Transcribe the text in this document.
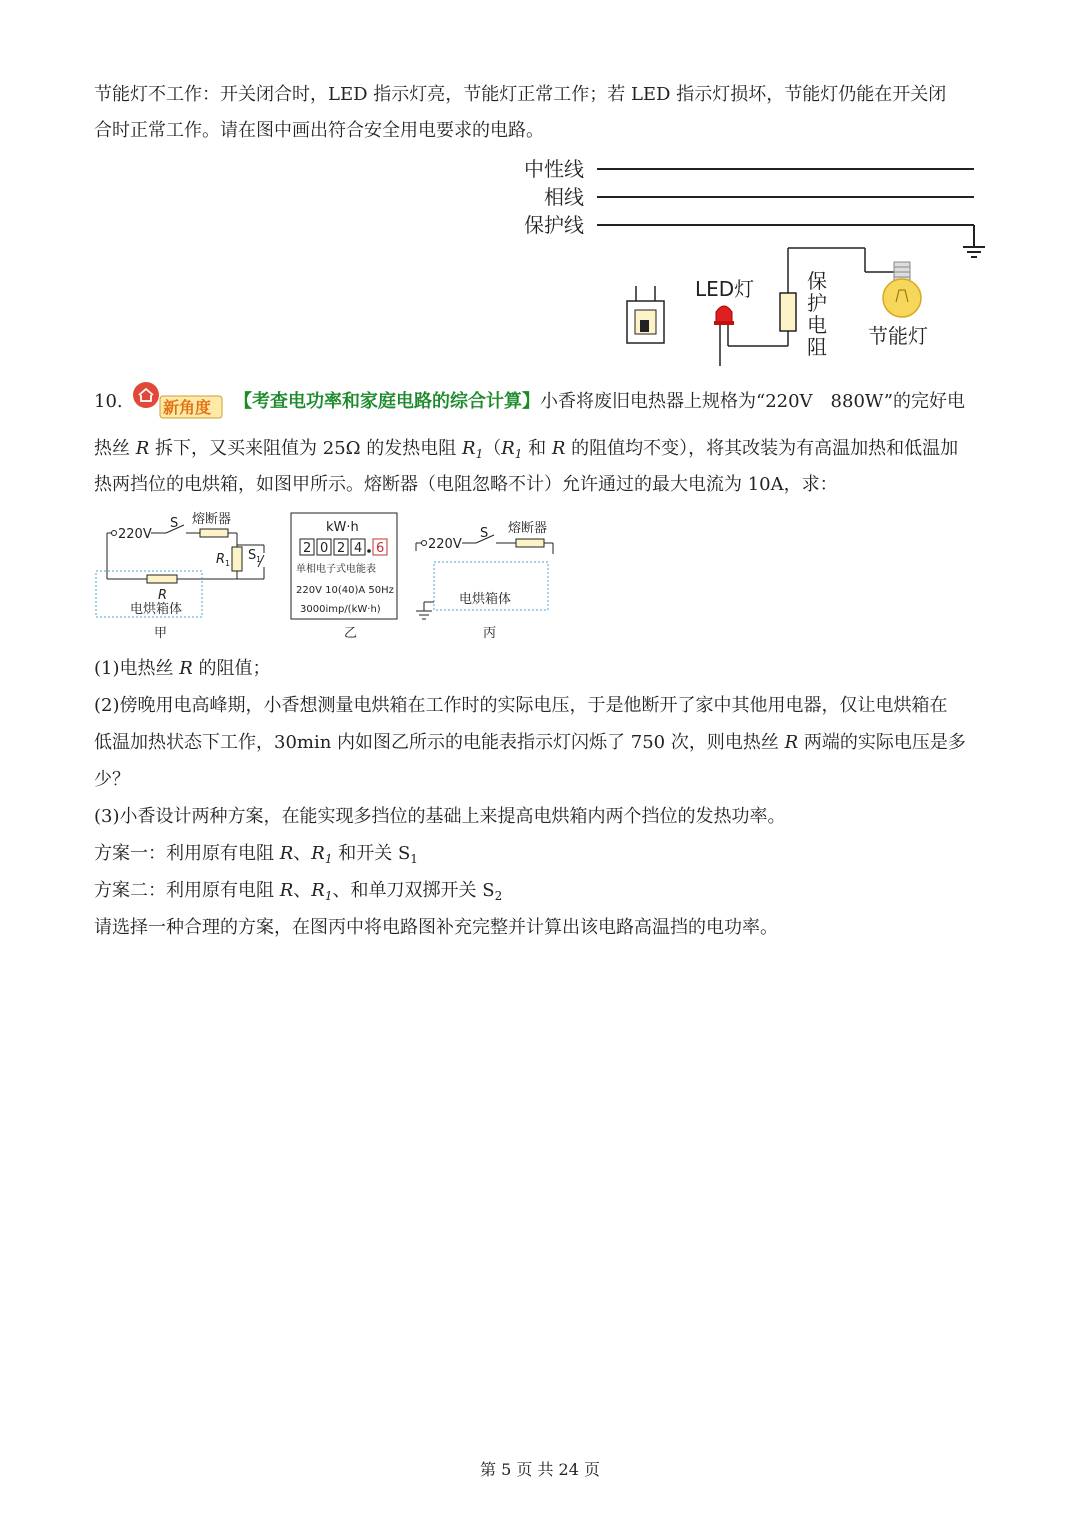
节能灯不工作：开关闭合时，LED 指示灯亮，节能灯正常工作；若 LED 指示灯损坏，节能灯仍能在开关闭
合时正常工作。请在图中画出符合安全用电要求的电路。
中性线
相线
保护线
LED灯	保
护
电
阻 节能灯
10.	新角度 【考查电功率和家庭电路的综合计算】小香将废旧电热器上规格为“220V　880W”的完好电
热丝 R 拆下，又买来阻值为 25Ω 的发热电阻 $R_1(R_1$ 和 R 的阻值均不变），将其改装为有高温加热和低温加
热两挡位的电烘箱，如图甲所示。熔断器（电阻忽略不计）允许通过的最大电流为 10A，求：
220V
S 熔断器
R 1
S 1
R
电烘箱体
甲
kW·h
2 0 2 4 6
单相电子式电能表
220V 10(40)A 50Hz
3000imp/(kW·h)
乙
220V
S 熔断器
电烘箱体
丙
(1)电热丝 R 的阻值；
(2)傍晚用电高峰期，小香想测量电烘箱在工作时的实际电压，于是他断开了家中其他用电器，仅让电烘箱在
低温加热状态下工作，30min 内如图乙所示的电能表指示灯闪烁了 750 次，则电热丝 R 两端的实际电压是多
少？
(3)小香设计两种方案，在能实现多挡位的基础上来提高电烘箱内两个挡位的发热功率。
方案一：利用原有电阻 R、$R_1$ 和开关 $S_1$
方案二：利用原有电阻 R、$R_1$、和单刀双掷开关 $S_2$
请选择一种合理的方案，在图丙中将电路图补充完整并计算出该电路高温挡的电功率。
第 5 页 共 24 页
